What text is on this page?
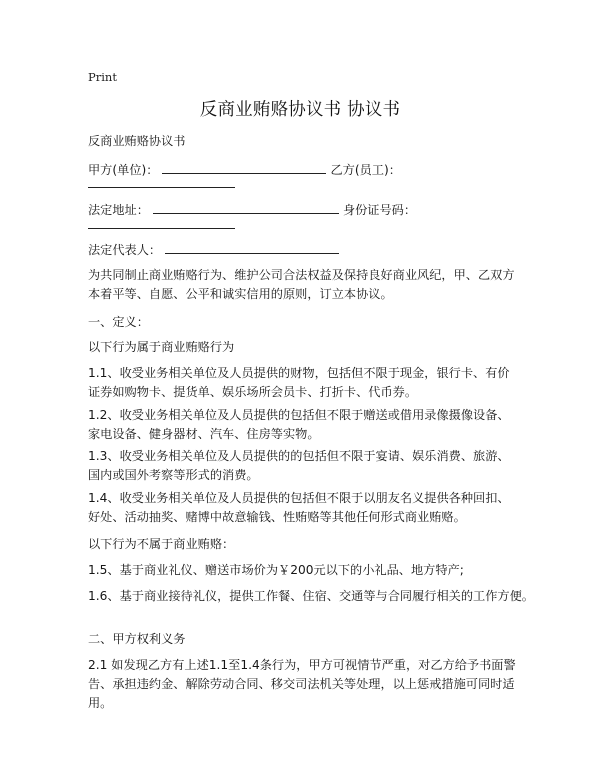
Print
反商业贿赂协议书 协议书
反商业贿赂协议书
甲方(单位)：	乙方(员工)：
法定地址：	身份证号码：
法定代表人：
为共同制止商业贿赂行为、维护公司合法权益及保持良好商业风纪，甲、乙双方本着平等、自愿、公平和诚实信用的原则，订立本协议。
一、定义：
以下行为属于商业贿赂行为
1.1、收受业务相关单位及人员提供的财物，包括但不限于现金，银行卡、有价证券如购物卡、提货单、娱乐场所会员卡、打折卡、代币券。
1.2、收受业务相关单位及人员提供的包括但不限于赠送或借用录像摄像设备、家电设备、健身器材、汽车、住房等实物。
1.3、收受业务相关单位及人员提供的的包括但不限于宴请、娱乐消费、旅游、国内或国外考察等形式的消费。
1.4、收受业务相关单位及人员提供的包括但不限于以朋友名义提供各种回扣、好处、活动抽奖、赌博中故意输钱、性贿赂等其他任何形式商业贿赂。
以下行为不属于商业贿赂：
1.5、基于商业礼仪、赠送市场价为￥200元以下的小礼品、地方特产;
1.6、基于商业接待礼仪，提供工作餐、住宿、交通等与合同履行相关的工作方便。
二、甲方权利义务
2.1 如发现乙方有上述1.1至1.4条行为，甲方可视情节严重，对乙方给予书面警告、承担违约金、解除劳动合同、移交司法机关等处理，以上惩戒措施可同时适用。
